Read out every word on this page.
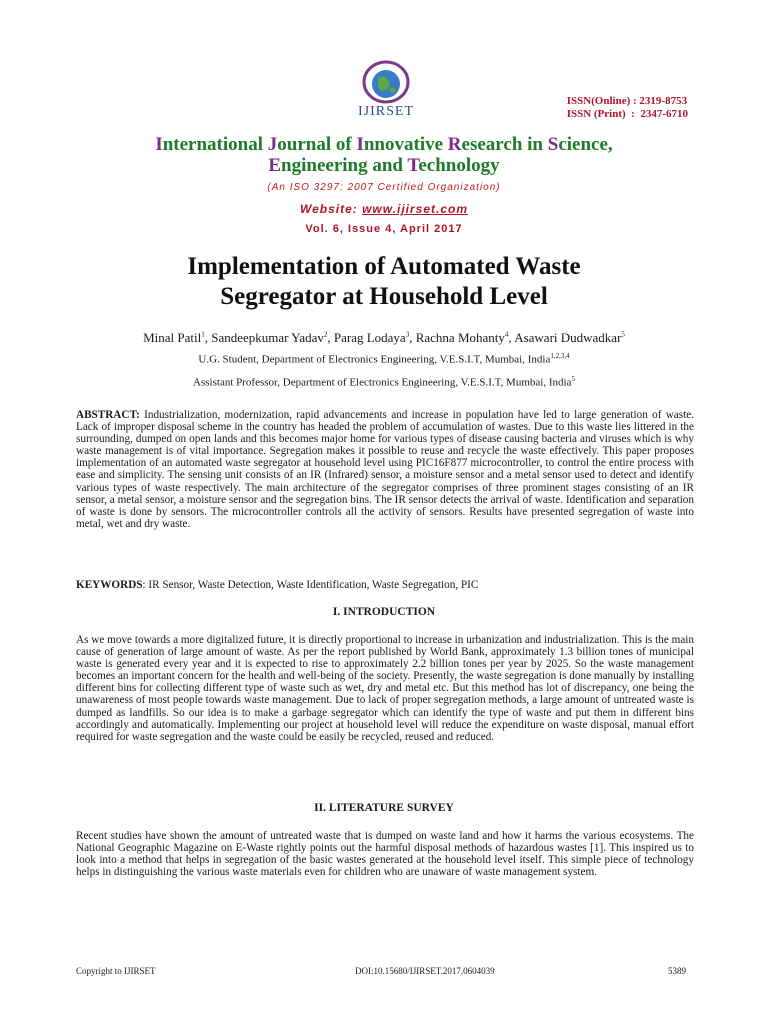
IJIRSET
ISSN(Online) : 2319-8753
ISSN (Print)  :  2347-6710
International Journal of Innovative Research in Science,
Engineering and Technology
(An ISO 3297: 2007 Certified Organization)
Website: www.ijirset.com
Vol. 6, Issue 4, April 2017
Implementation of Automated Waste
Segregator at Household Level
Minal Patil$^1$, Sandeepkumar Yadav$^2$, Parag Lodaya$^3$, Rachna Mohanty$^4$, Asawari Dudwadkar$^5$
U.G. Student, Department of Electronics Engineering, V.E.S.I.T, Mumbai, India$^{1,2,3,4}$
Assistant Professor, Department of Electronics Engineering, V.E.S.I.T, Mumbai, India$^5$
ABSTRACT: Industrialization, modernization, rapid advancements and increase in population have led to large generation of waste. Lack of improper disposal scheme in the country has headed the problem of accumulation of wastes. Due to this waste lies littered in the surrounding, dumped on open lands and this becomes major home for various types of disease causing bacteria and viruses which is why waste management is of vital importance. Segregation makes it possible to reuse and recycle the waste effectively. This paper proposes implementation of an automated waste segregator at household level using PIC16F877 microcontroller, to control the entire process with ease and simplicity. The sensing unit consists of an IR (Infrared) sensor, a moisture sensor and a metal sensor used to detect and identify various types of waste respectively. The main architecture of the segregator comprises of three prominent stages consisting of an IR sensor, a metal sensor, a moisture sensor and the segregation bins. The IR sensor detects the arrival of waste. Identification and separation of waste is done by sensors. The microcontroller controls all the activity of sensors. Results have presented segregation of waste into metal, wet and dry waste.
KEYWORDS: IR Sensor, Waste Detection, Waste Identification, Waste Segregation, PIC
I. INTRODUCTION
As we move towards a more digitalized future, it is directly proportional to increase in urbanization and industrialization. This is the main cause of generation of large amount of waste. As per the report published by World Bank, approximately 1.3 billion tones of municipal waste is generated every year and it is expected to rise to approximately 2.2 billion tones per year by 2025. So the waste management becomes an important concern for the health and well-being of the society. Presently, the waste segregation is done manually by installing different bins for collecting different type of waste such as wet, dry and metal etc. But this method has lot of discrepancy, one being the unawareness of most people towards waste management. Due to lack of proper segregation methods, a large amount of untreated waste is dumped as landfills. So our idea is to make a garbage segregator which can identify the type of waste and put them in different bins accordingly and automatically. Implementing our project at household level will reduce the expenditure on waste disposal, manual effort required for waste segregation and the waste could be easily be recycled, reused and reduced.
II. LITERATURE SURVEY
Recent studies have shown the amount of untreated waste that is dumped on waste land and how it harms the various ecosystems. The National Geographic Magazine on E-Waste rightly points out the harmful disposal methods of hazardous wastes [1]. This inspired us to look into a method that helps in segregation of the basic wastes generated at the household level itself. This simple piece of technology helps in distinguishing the various waste materials even for children who are unaware of waste management system.
Copyright to IJIRSET	DOI:10.15680/IJIRSET.2017.0604039	5389
